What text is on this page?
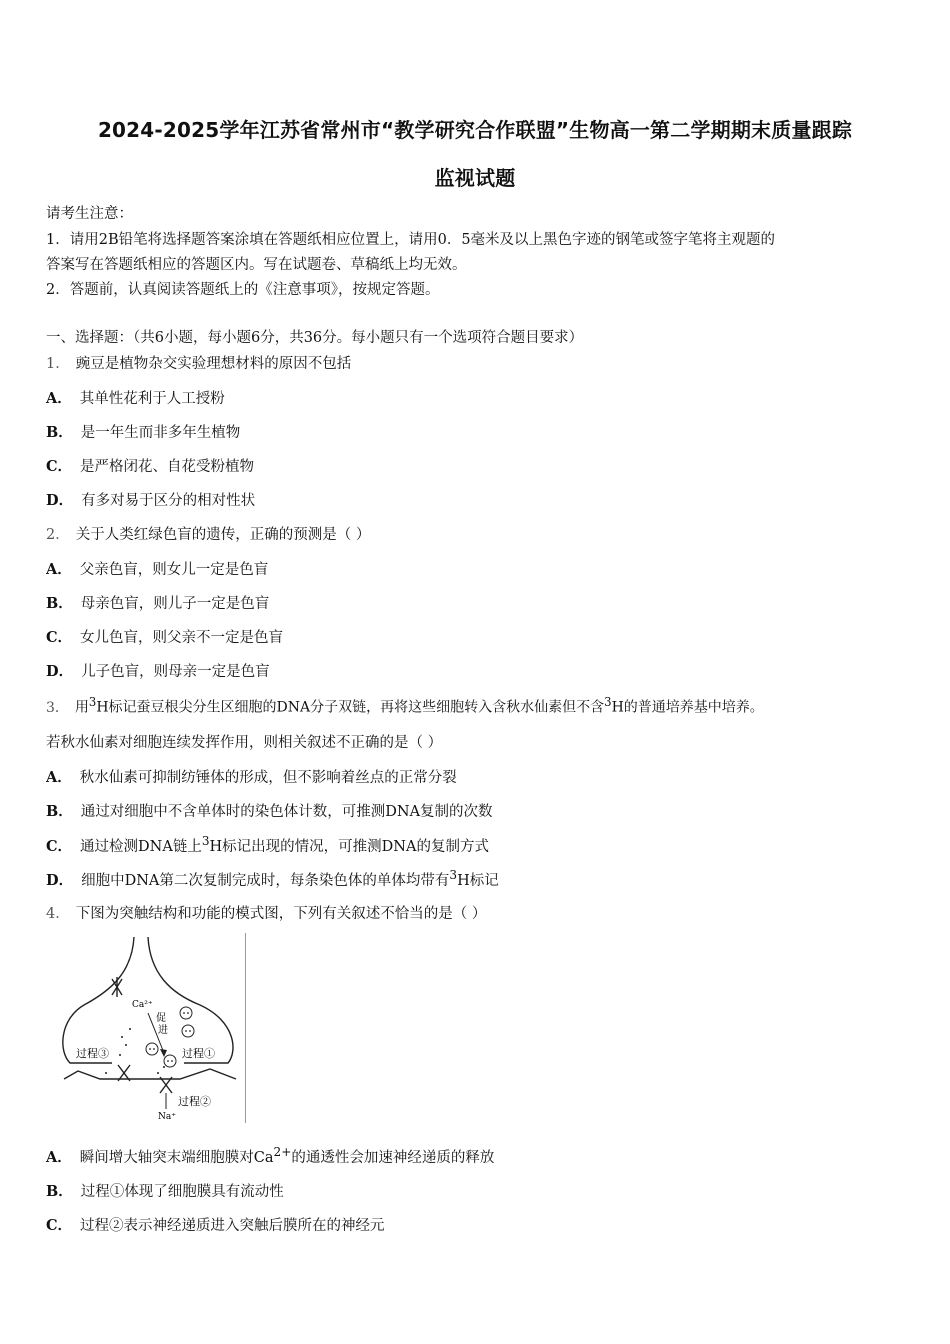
2024-2025学年江苏省常州市“教学研究合作联盟”生物高一第二学期期末质量跟踪
监视试题
请考生注意：
1．请用2B铅笔将选择题答案涂填在答题纸相应位置上，请用0．5毫米及以上黑色字迹的钢笔或签字笔将主观题的
答案写在答题纸相应的答题区内。写在试题卷、草稿纸上均无效。
2．答题前，认真阅读答题纸上的《注意事项》，按规定答题。
一、选择题：（共6小题，每小题6分，共36分。每小题只有一个选项符合题目要求）
1． 豌豆是植物杂交实验理想材料的原因不包括
A． 其单性花利于人工授粉
B． 是一年生而非多年生植物
C． 是严格闭花、自花受粉植物
D． 有多对易于区分的相对性状
2． 关于人类红绿色盲的遗传，正确的预测是（ ）
A． 父亲色盲，则女儿一定是色盲
B． 母亲色盲，则儿子一定是色盲
C． 女儿色盲，则父亲不一定是色盲
D． 儿子色盲，则母亲一定是色盲
3． 用$^3$H标记蚕豆根尖分生区细胞的DNA分子双链，再将这些细胞转入含秋水仙素但不含$^3$H的普通培养基中培养。
若秋水仙素对细胞连续发挥作用，则相关叙述不正确的是（ ）
A． 秋水仙素可抑制纺锤体的形成，但不影响着丝点的正常分裂
B． 通过对细胞中不含单体时的染色体计数，可推测DNA复制的次数
C． 通过检测DNA链上$^3$H标记出现的情况，可推测DNA的复制方式
D． 细胞中DNA第二次复制完成时，每条染色体的单体均带有$^3$H标记
4． 下图为突触结构和功能的模式图，下列有关叙述不恰当的是（ ）
Ca²⁺
促
进
过程③	过程①
过程②
Na⁺
A． 瞬间增大轴突末端细胞膜对$Ca^{2+}$的通透性会加速神经递质的释放
B． 过程①体现了细胞膜具有流动性
C． 过程②表示神经递质进入突触后膜所在的神经元
